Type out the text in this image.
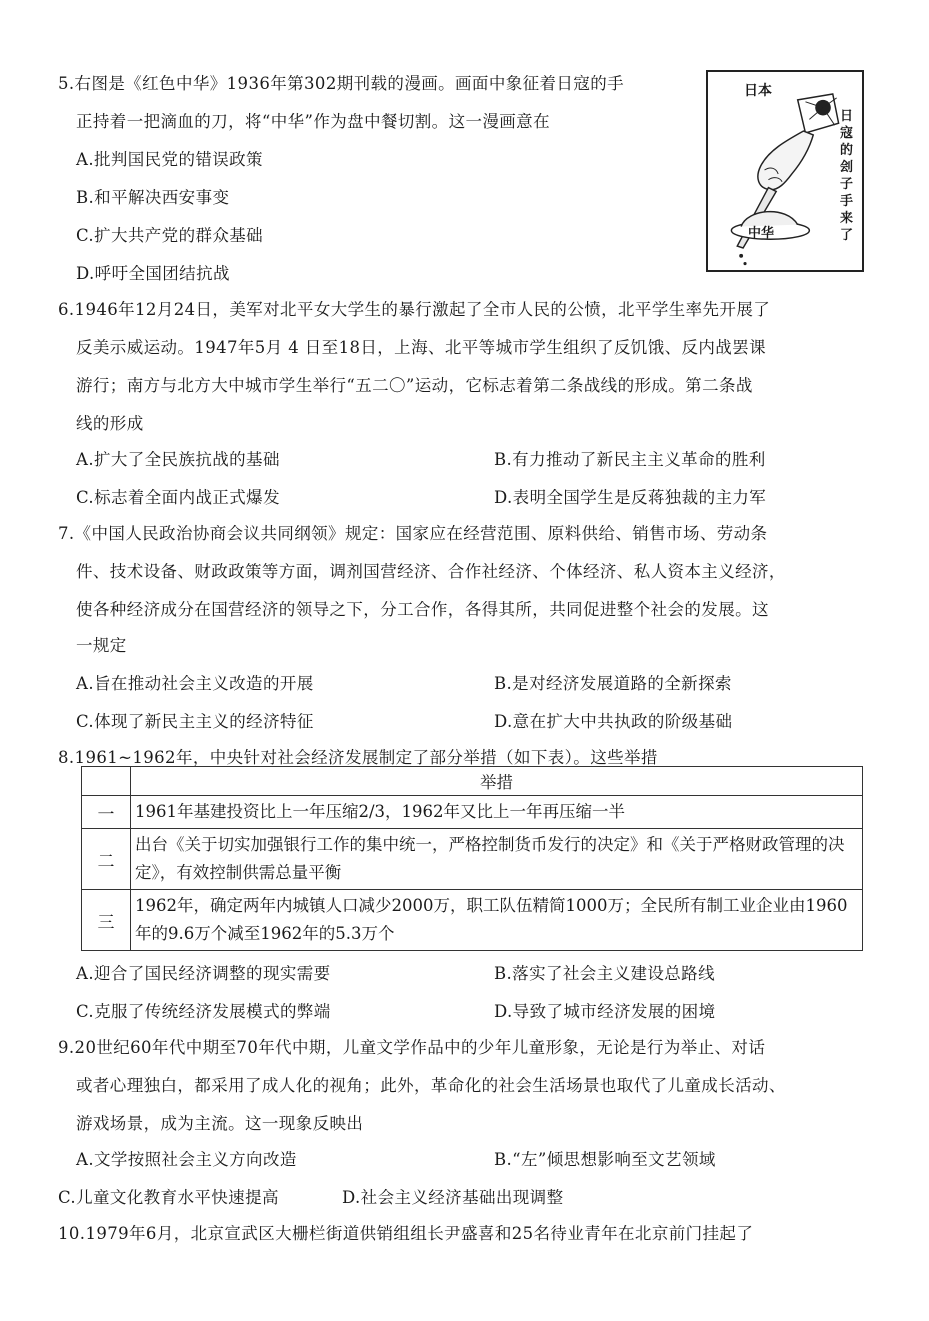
5.右图是《红色中华》1936年第302期刊载的漫画。画面中象征着日寇的手
正持着一把滴血的刀，将“中华”作为盘中餐切割。这一漫画意在
A.批判国民党的错误政策
B.和平解决西安事变
C.扩大共产党的群众基础
D.呼吁全国团结抗战
日本
日寇的刽子手来了
中华
6.1946年12月24日，美军对北平女大学生的暴行激起了全市人民的公愤，北平学生率先开展了
反美示威运动。1947年5月 4 日至18日，上海、北平等城市学生组织了反饥饿、反内战罢课
游行；南方与北方大中城市学生举行“五二〇”运动，它标志着第二条战线的形成。第二条战
线的形成
A.扩大了全民族抗战的基础	B.有力推动了新民主主义革命的胜利
C.标志着全面内战正式爆发	D.表明全国学生是反蒋独裁的主力军
7.《中国人民政治协商会议共同纲领》规定：国家应在经营范围、原料供给、销售市场、劳动条
件、技术设备、财政政策等方面，调剂国营经济、合作社经济、个体经济、私人资本主义经济，
使各种经济成分在国营经济的领导之下，分工合作，各得其所，共同促进整个社会的发展。这
一规定
A.旨在推动社会主义改造的开展	B.是对经济发展道路的全新探索
C.体现了新民主主义的经济特征	D.意在扩大中共执政的阶级基础
8.1961~1962年，中央针对社会经济发展制定了部分举措（如下表）。这些举措
	举措
一	1961年基建投资比上一年压缩2/3，1962年又比上一年再压缩一半
二	出台《关于切实加强银行工作的集中统一，严格控制货币发行的决定》和《关于严格财政管理的决定》，有效控制供需总量平衡
三	1962年，确定两年内城镇人口减少2000万，职工队伍精简1000万；全民所有制工业企业由1960年的9.6万个减至1962年的5.3万个
A.迎合了国民经济调整的现实需要	B.落实了社会主义建设总路线
C.克服了传统经济发展模式的弊端	D.导致了城市经济发展的困境
9.20世纪60年代中期至70年代中期，儿童文学作品中的少年儿童形象，无论是行为举止、对话
或者心理独白，都采用了成人化的视角；此外，革命化的社会生活场景也取代了儿童成长活动、
游戏场景，成为主流。这一现象反映出
A.文学按照社会主义方向改造	B.“左”倾思想影响至文艺领域
C.儿童文化教育水平快速提高	D.社会主义经济基础出现调整
10.1979年6月，北京宣武区大栅栏街道供销组组长尹盛喜和25名待业青年在北京前门挂起了
